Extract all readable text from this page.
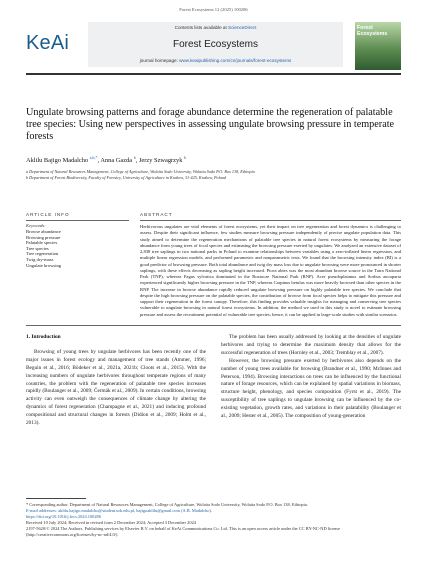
Forest Ecosystems 12 (2025) 100286
KeAi
Contents lists available at ScienceDirect
Forest Ecosystems
journal homepage: www.keaipublishing.com/cn/journals/forest-ecosystems
Forest
Ecosystems
Ungulate browsing patterns and forage abundance determine the regeneration of palatable tree species: Using new perspectives in assessing ungulate browsing pressure in temperate forests
Aklilu Bajigo Madalcho $^{a,b,*}$, Anna Gazda $^b$, Jerzy Szwagrzyk $^b$
a Department of Natural Resources Management, College of Agriculture, Wolaita Sodo University, Wolaita Sodo P.O. Box 138, Ethiopia
b Department of Forest Biodiversity, Faculty of Forestry, University of Agriculture in Krakow, 31-425, Krakow, Poland
ARTICLE INFO	ABSTRACT
Keywords:
Browse abundance
Browsing pressure
Palatable species
Tree species
Tree regeneration
Twig dry-mass
Ungulate browsing
Herbivorous ungulates are vital elements of forest ecosystems, yet their impact on tree regeneration and forest dynamics is challenging to assess. Despite their significant influence, few studies measure browsing pressure independently of precise ungulate population data. This study aimed to determine the regeneration mechanisms of palatable tree species in natural forest ecosystems by measuring the forage abundance from young trees of focal species and estimating the browsing pressure exerted by ungulates. We analyzed an extensive dataset of 2,838 tree saplings in two national parks in Poland to examine relationships between variables using a zero-inflated linear regression, and multiple linear regression models, and performed parametric and nonparametric tests. We found that the browsing intensity index (BI) is a good predictor of browsing pressure. Both total abundance and twig dry mass loss due to ungulate browsing were more pronounced in shorter saplings, with these effects decreasing as sapling height increased. Picea abies was the most abundant browse source in the Tatra National Park (TNP), whereas Fagus sylvatica dominated in the Roztocze National Park (RNP). Acer pseudoplatanus and Sorbus aucuparia experienced significantly higher browsing pressure in the TNP, whereas Carpinus betulus was more heavily browsed than other species in the RNP. The increase in browse abundance rapidly reduced ungulate browsing pressure on highly palatable tree species. We conclude that despite the high browsing pressure on the palatable species, the contribution of browse from focal species helps to mitigate this pressure and support their regeneration in the forest canopy. Therefore, this finding provides valuable insights for managing and conserving tree species vulnerable to ungulate browsing in natural forest ecosystems. In addition, the method we used in this study is novel to estimate browsing pressure and assess the recruitment potential of vulnerable tree species; hence, it can be applied in large-scale studies with similar scenarios.
1. Introduction

Browsing of young trees by ungulate herbivores has been recently one of the major issues in forest ecology and management of tree stands (Ammer, 1996; Beguin et al., 2016; Bödeker et al., 2021a, 2021b; Cloots et al., 2015). With the increasing numbers of ungulate herbivores throughout temperate regions of many countries, the problem with the regeneration of palatable tree species increases rapidly (Boulanger et al., 2009; Čermák et al., 2009). In certain conditions, browsing activity can even outweigh the consequences of climate change by altering the dynamics of forest regeneration (Champagne et al., 2021) and inducing profound compositional and structural changes in forests (Didion et al., 2009; Holm et al., 2013).

The problem has been usually addressed by looking at the densities of ungulate herbivores and trying to determine the maximum density that allows for the successful regeneration of trees (Hornley et al., 2003; Tremblay et al., 2007).

However, the browsing pressure exerted by herbivores also depends on the number of young trees available for browsing (Brandner et al., 1990; McInnes and Peterson, 1994). Browsing interactions on trees can be influenced by the functional nature of forage resources, which can be explained by spatial variations in biomass, structure height, phenology, and species composition (Fyrst et al., 2019). The susceptibility of tree saplings to ungulate browsing can be influenced by the co-existing vegetation, growth rates, and variations in their palatability (Boulanger et al., 2009; Hester et al., 2005). The composition of young-generation

* Corresponding author. Department of Natural Resources Management, College of Agriculture, Wolaita Sodo University, Wolaita Sodo P.O. Box 138, Ethiopia.
E-mail addresses: aklilu.bajigo.madalcho@student.urk.edu.pl, bajigoaklilu@gmail.com (A.B. Madalcho).
https://doi.org/10.1016/j.fecs.2024.100286
Received 10 July 2024; Received in revised form 2 December 2024; Accepted 3 December 2024
2197-5620/© 2024 The Authors. Publishing services by Elsevier B.V. on behalf of KeAi Communications Co. Ltd. This is an open access article under the CC BY-NC-ND license (http://creativecommons.org/licenses/by-nc-nd/4.0/).
